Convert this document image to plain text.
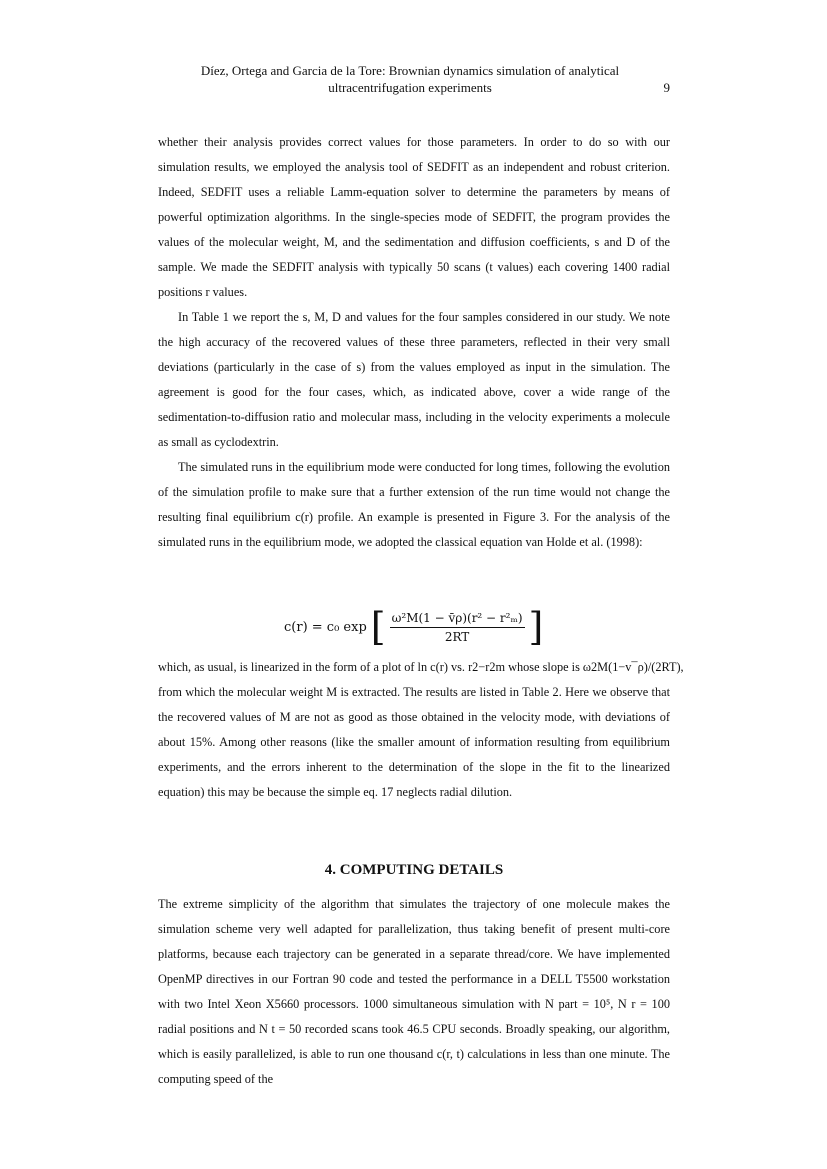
Díez, Ortega and Garcia de la Tore: Brownian dynamics simulation of analytical
ultracentrifugation experiments	9

whether their analysis provides correct values for those parameters. In order to do so with our simulation results, we employed the analysis tool of SEDFIT as an independent and robust criterion. Indeed, SEDFIT uses a reliable Lamm-equation solver to determine the parameters by means of powerful optimization algorithms. In the single-species mode of SEDFIT, the program provides the values of the molecular weight, M, and the sedimentation and diffusion coefficients, s and D of the sample. We made the SEDFIT analysis with typically 50 scans (t values) each covering 1400 radial positions r values.

In Table 1 we report the s, M, D and values for the four samples considered in our study. We note the high accuracy of the recovered values of these three parameters, reflected in their very small deviations (particularly in the case of s) from the values employed as input in the simulation. The agreement is good for the four cases, which, as indicated above, cover a wide range of the sedimentation-to-diffusion ratio and molecular mass, including in the velocity experiments a molecule as small as cyclodextrin.

The simulated runs in the equilibrium mode were conducted for long times, following the evolution of the simulation profile to make sure that a further extension of the run time would not change the resulting final equilibrium c(r) profile. An example is presented in Figure 3. For the analysis of the simulated runs in the equilibrium mode, we adopted the classical equation van Holde et al. (1998):

c(r) = c₀ exp [ $\frac{\text{ω²M(1 − v̄ρ)(r² − r²ₘ)}}{2RT}$ ]

which, as usual, is linearized in the form of a plot of ln c(r) vs. r2−r2m whose slope is ω2M(1−v¯ρ)/(2RT),

from which the molecular weight M is extracted. The results are listed in Table 2. Here we observe that the recovered values of M are not as good as those obtained in the velocity mode, with deviations of about 15%. Among other reasons (like the smaller amount of information resulting from equilibrium experiments, and the errors inherent to the determination of the slope in the fit to the linearized equation) this may be because the simple eq. 17 neglects radial dilution.

4. COMPUTING DETAILS

The extreme simplicity of the algorithm that simulates the trajectory of one molecule makes the simulation scheme very well adapted for parallelization, thus taking benefit of present multi-core platforms, because each trajectory can be generated in a separate thread/core. We have implemented OpenMP directives in our Fortran 90 code and tested the performance in a DELL T5500 workstation with two Intel Xeon X5660 processors. 1000 simultaneous simulation with N part = 10⁵, N r = 100 radial positions and N t = 50 recorded scans took 46.5 CPU seconds. Broadly speaking, our algorithm, which is easily parallelized, is able to run one thousand c(r, t) calculations in less than one minute. The computing speed of the
